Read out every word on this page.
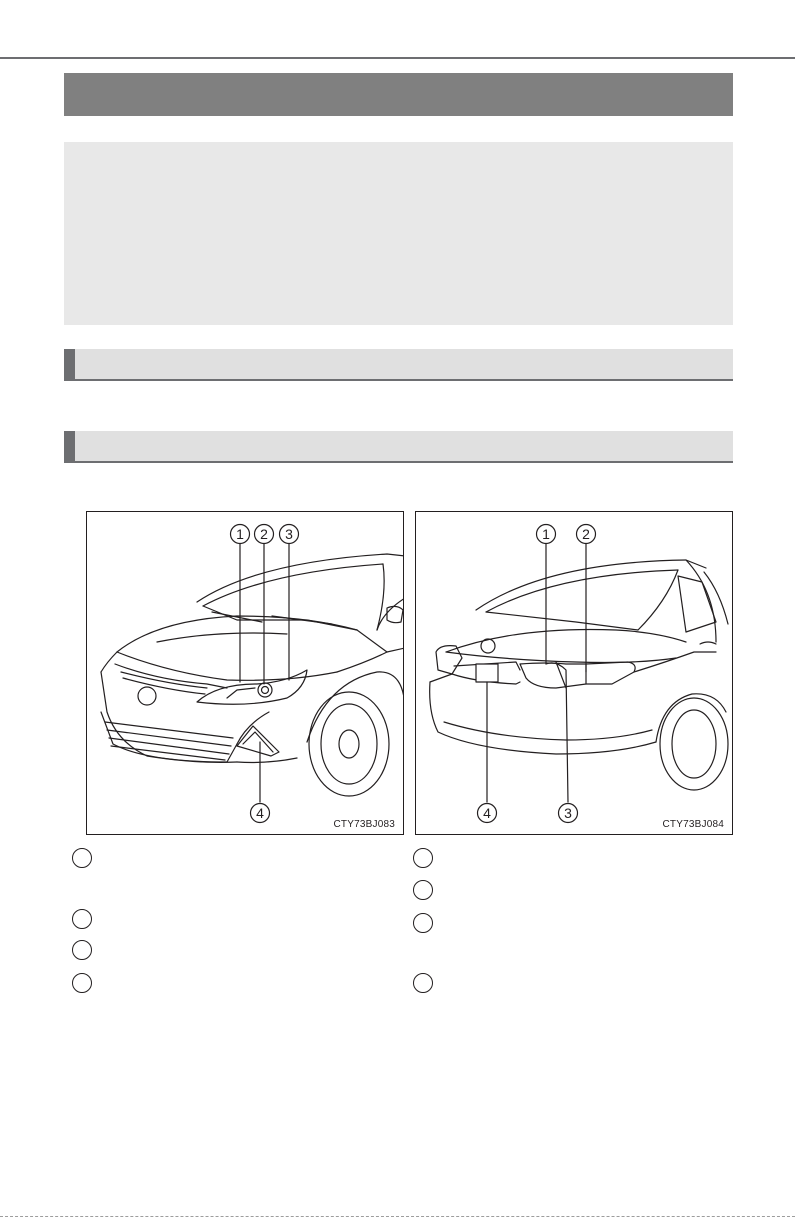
1 2 3
4
CTY73BJ083
1 2
3
4
CTY73BJ084
